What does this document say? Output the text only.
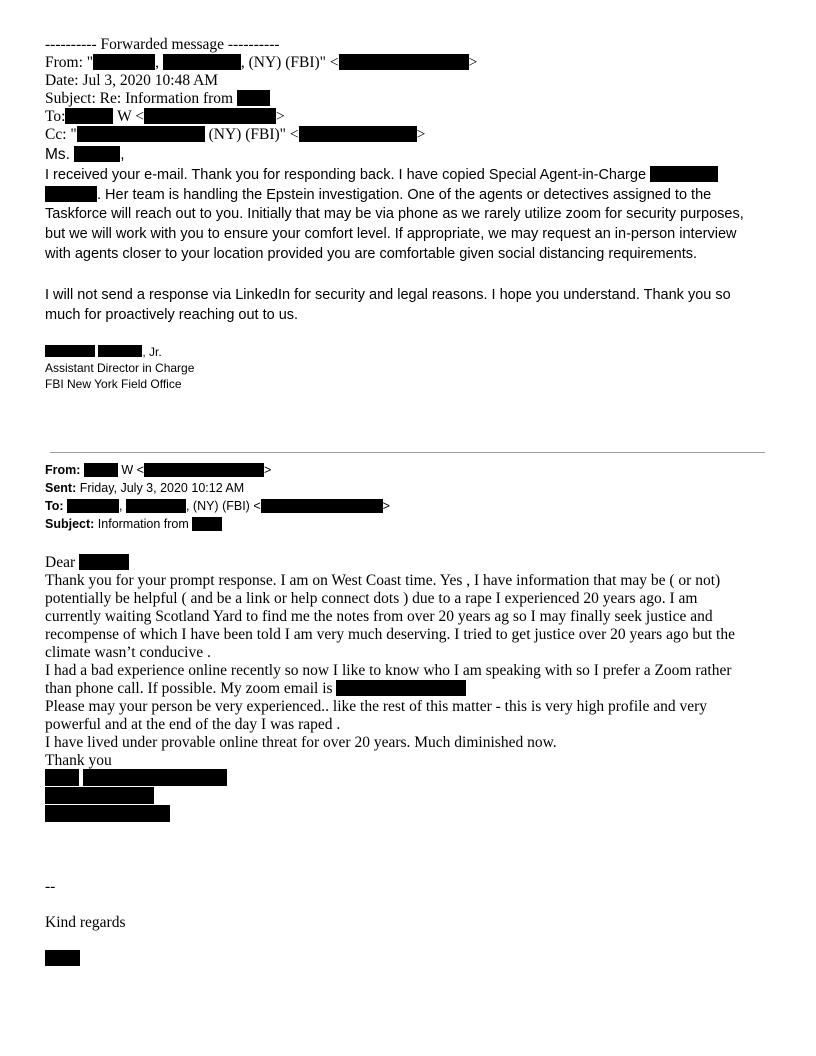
---------- Forwarded message ----------
From: "	,	, (NY) (FBI)" <	>
Date: Jul 3, 2020 10:48 AM
Subject: Re: Information from
To:	W <	>
Cc: "	(NY) (FBI)" <	>
Ms.	,
I received your e-mail. Thank you for responding back. I have copied Special Agent-in-Charge
. Her team is handling the Epstein investigation. One of the agents or detectives assigned to the
Taskforce will reach out to you. Initially that may be via phone as we rarely utilize zoom for security purposes,
but we will work with you to ensure your comfort level. If appropriate, we may request an in-person interview
with agents closer to your location provided you are comfortable given social distancing requirements.
I will not send a response via LinkedIn for security and legal reasons. I hope you understand. Thank you so
much for proactively reaching out to us.
, Jr.
Assistant Director in Charge
FBI New York Field Office
From:	W <	>
Sent: Friday, July 3, 2020 10:12 AM
To:	,	, (NY) (FBI) <	>
Subject: Information from
Dear
Thank you for your prompt response. I am on West Coast time. Yes , I have information that may be ( or not)
potentially be helpful ( and be a link or help connect dots ) due to a rape I experienced 20 years ago. I am
currently waiting Scotland Yard to find me the notes from over 20 years ag so I may finally seek justice and
recompense of which I have been told I am very much deserving. I tried to get justice over 20 years ago but the
climate wasn’t conducive .
I had a bad experience online recently so now I like to know who I am speaking with so I prefer a Zoom rather
than phone call. If possible. My zoom email is
Please may your person be very experienced.. like the rest of this matter - this is very high profile and very
powerful and at the end of the day I was raped .
I have lived under provable online threat for over 20 years. Much diminished now.
Thank you
--
Kind regards
